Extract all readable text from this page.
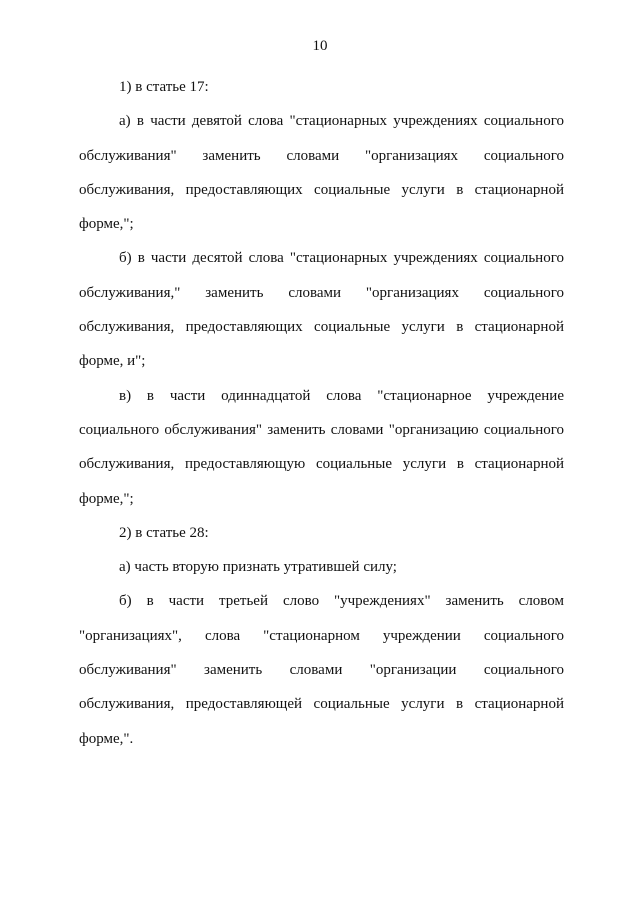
10

1) в статье 17:

а) в части девятой слова "стационарных учреждениях социального обслуживания" заменить словами "организациях социального обслуживания, предоставляющих социальные услуги в стационарной форме,";

б) в части десятой слова "стационарных учреждениях социального обслуживания," заменить словами "организациях социального обслуживания, предоставляющих социальные услуги в стационарной форме, и";

в) в части одиннадцатой слова "стационарное учреждение социального обслуживания" заменить словами "организацию социального обслуживания, предоставляющую социальные услуги в стационарной форме,";

2) в статье 28:

а) часть вторую признать утратившей силу;

б) в части третьей слово "учреждениях" заменить словом "организациях", слова "стационарном учреждении социального обслуживания" заменить словами "организации социального обслуживания, предоставляющей социальные услуги в стационарной форме,".
